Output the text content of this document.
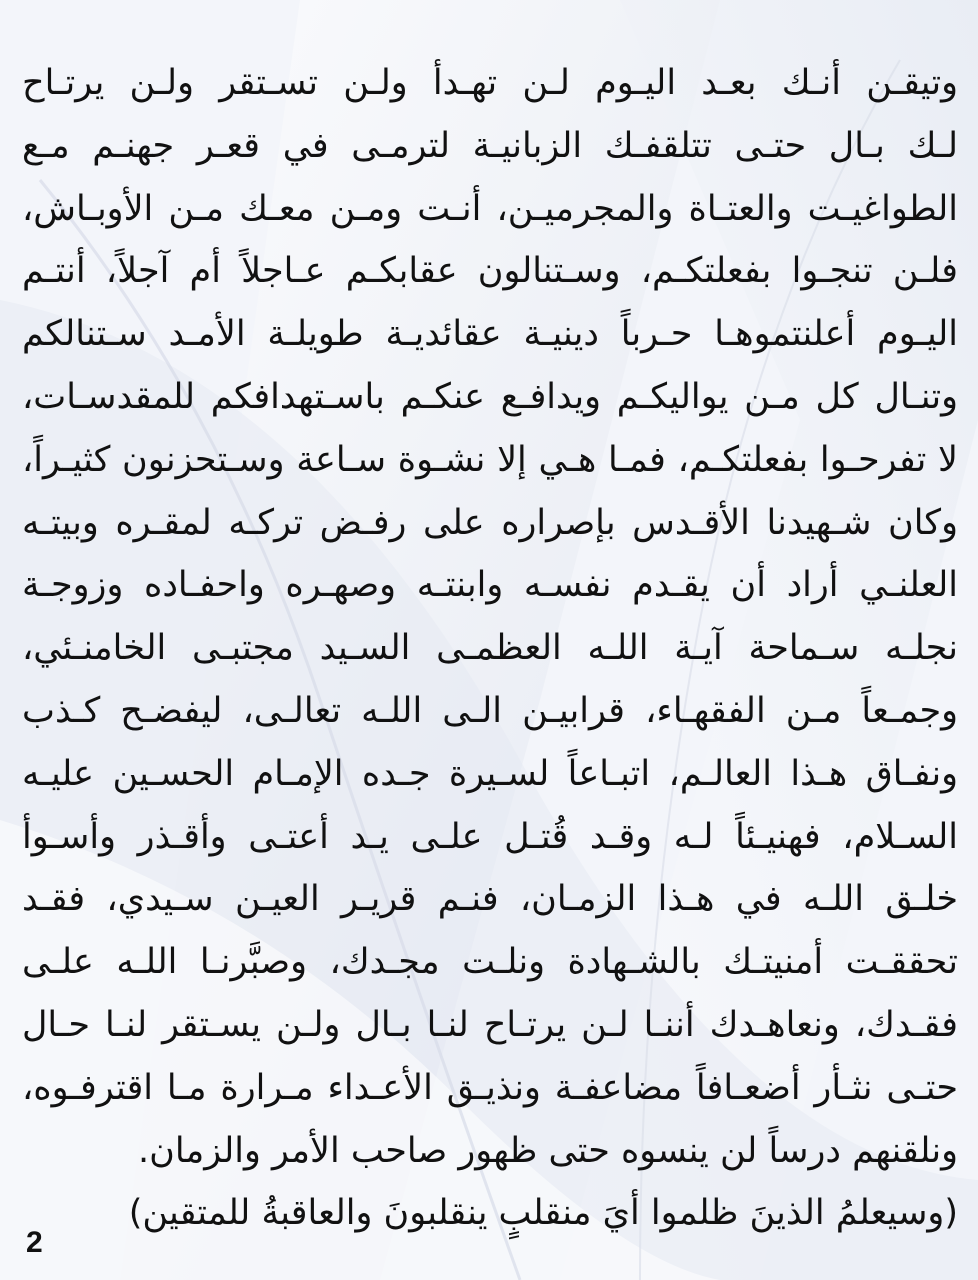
وتيقـن أنـك بعـد اليـوم لـن تهـدأ ولـن تسـتقر ولـن يرتـاح
لـك بـال حتـى تتلقفـك الزبانيـة لترمـى في قعـر جهنـم مـع
الطواغيـت والعتـاة والمجرميـن، أنـت ومـن معـك مـن الأوبـاش،
فلـن تنجـوا بفعلتكـم، وسـتنالون عقابكـم عـاجلاً أم آجلاً، أنتـم
اليـوم أعلنتموهـا حـرباً دينيـة عقائديـة طويلـة الأمـد سـتنالكم
وتنـال كل مـن يواليكـم ويدافـع عنكـم باسـتهدافكم للمقدسـات،
لا تفرحـوا بفعلتكـم، فمـا هـي إلا نشـوة سـاعة وسـتحزنون كثيـراً،
وكان شـهيدنا الأقـدس بإصراره على رفـض تركـه لمقـره وبيتـه
العلنـي أراد أن يقـدم نفسـه وابنتـه وصهـره واحفـاده وزوجـة
نجلـه سـماحة آيـة اللـه العظمـى السـيد مجتبـى الخامنـئي،
وجمـعاً مـن الفقهـاء، قرابيـن الـى اللـه تعالـى، ليفضـح كـذب
ونفـاق هـذا العالـم، اتبـاعاً لسـيرة جـده الإمـام الحسـين عليـه
السـلام، فهنيـئاً لـه وقـد قُتـل علـى يـد أعتـى وأقـذر وأسـوأ
خلـق اللـه في هـذا الزمـان، فنـم قريـر العيـن سـيدي، فقـد
تحققـت أمنيتـك بالشـهادة ونلـت مجـدك، وصبَّرنـا اللـه علـى
فقـدك، ونعاهـدك أننـا لـن يرتـاح لنـا بـال ولـن يسـتقر لنـا حـال
حتـى نثـأر أضعـافاً مضاعفـة ونذيـق الأعـداء مـرارة مـا اقترفـوه،
ونلقنهم درساً لن ينسوه حتى ظهور صاحب الأمر والزمان.
(وسيعلمُ الذينَ ظلموا أيَ منقلبٍ ينقلبونَ والعاقبةُ للمتقين)
2
